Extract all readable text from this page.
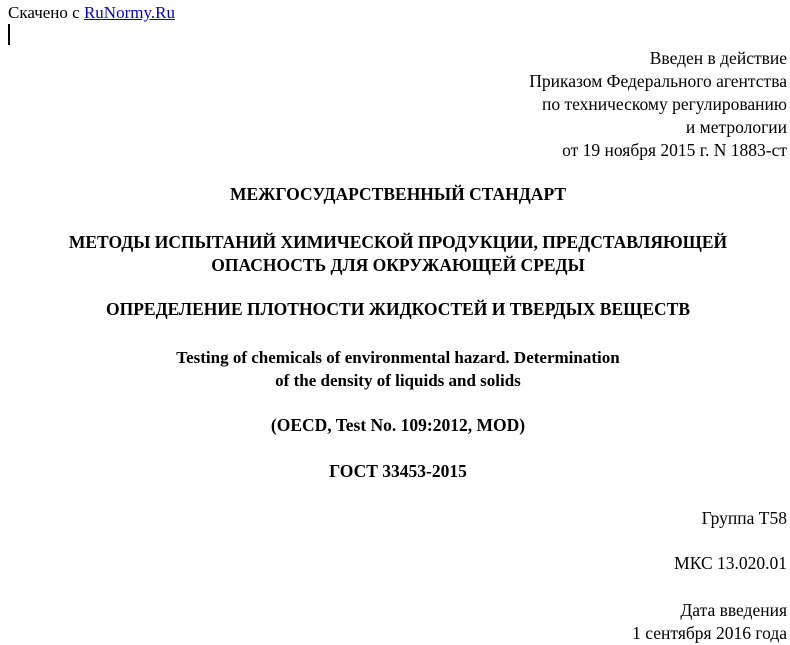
Скачено с RuNormy.Ru
Введен в действие
Приказом Федерального агентства
по техническому регулированию
и метрологии
от 19 ноября 2015 г. N 1883-ст
МЕЖГОСУДАРСТВЕННЫЙ СТАНДАРТ
МЕТОДЫ ИСПЫТАНИЙ ХИМИЧЕСКОЙ ПРОДУКЦИИ, ПРЕДСТАВЛЯЮЩЕЙ
ОПАСНОСТЬ ДЛЯ ОКРУЖАЮЩЕЙ СРЕДЫ
ОПРЕДЕЛЕНИЕ ПЛОТНОСТИ ЖИДКОСТЕЙ И ТВЕРДЫХ ВЕЩЕСТВ
Testing of chemicals of environmental hazard. Determination
of the density of liquids and solids
(OECD, Test No. 109:2012, MOD)
ГОСТ 33453-2015
Группа Т58
МКС 13.020.01
Дата введения
1 сентября 2016 года
